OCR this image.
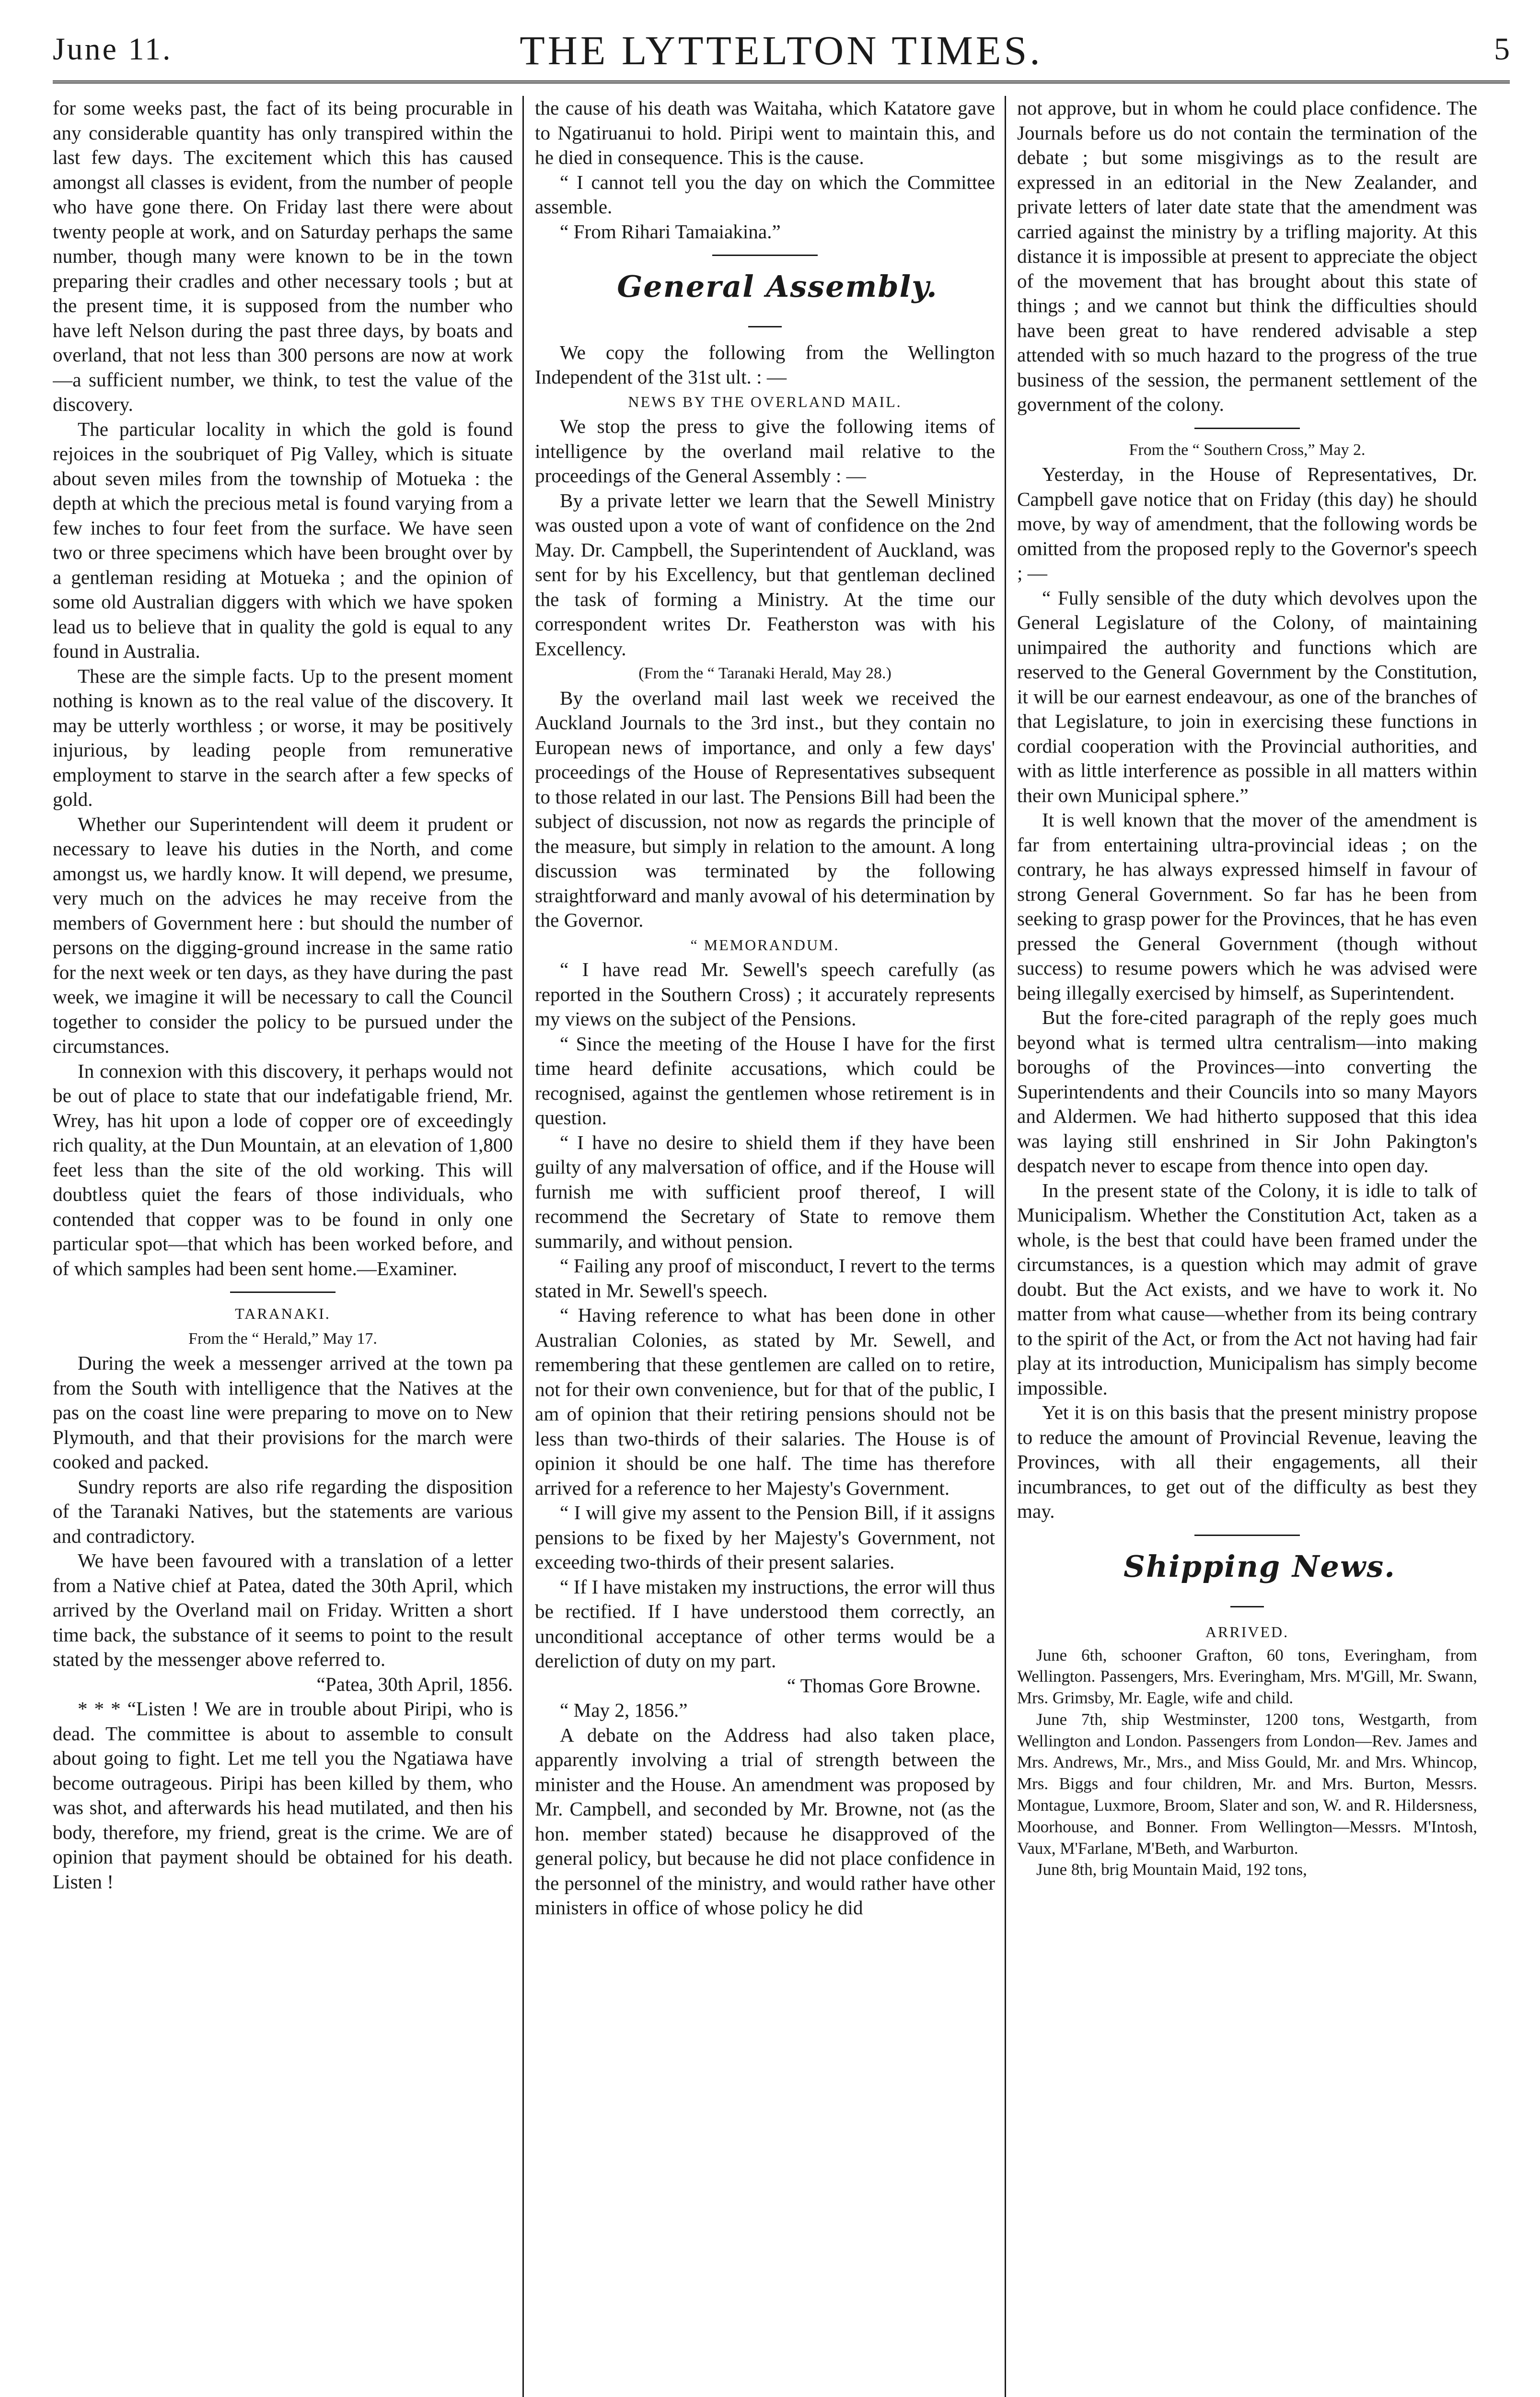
June 11.	THE LYTTELTON TIMES.	5

for some weeks past, the fact of its being procurable in any considerable quantity has only transpired within the last few days. The excitement which this has caused amongst all classes is evident, from the number of people who have gone there. On Friday last there were about twenty people at work, and on Saturday perhaps the same number, though many were known to be in the town preparing their cradles and other necessary tools ; but at the present time, it is supposed from the number who have left Nelson during the past three days, by boats and overland, that not less than 300 persons are now at work—a sufficient number, we think, to test the value of the discovery.

The particular locality in which the gold is found rejoices in the soubriquet of Pig Valley, which is situate about seven miles from the township of Motueka : the depth at which the precious metal is found varying from a few inches to four feet from the surface. We have seen two or three specimens which have been brought over by a gentleman residing at Motueka ; and the opinion of some old Australian diggers with which we have spoken lead us to believe that in quality the gold is equal to any found in Australia.

These are the simple facts. Up to the present moment nothing is known as to the real value of the discovery. It may be utterly worthless ; or worse, it may be positively injurious, by leading people from remunerative employment to starve in the search after a few specks of gold.

Whether our Superintendent will deem it prudent or necessary to leave his duties in the North, and come amongst us, we hardly know. It will depend, we presume, very much on the advices he may receive from the members of Government here : but should the number of persons on the digging-ground increase in the same ratio for the next week or ten days, as they have during the past week, we imagine it will be necessary to call the Council together to consider the policy to be pursued under the circumstances.

In connexion with this discovery, it perhaps would not be out of place to state that our indefatigable friend, Mr. Wrey, has hit upon a lode of copper ore of exceedingly rich quality, at the Dun Mountain, at an elevation of 1,800 feet less than the site of the old working. This will doubtless quiet the fears of those individuals, who contended that copper was to be found in only one particular spot—that which has been worked before, and of which samples had been sent home.—Examiner.

TARANAKI.

From the “ Herald,” May 17.

During the week a messenger arrived at the town pa from the South with intelligence that the Natives at the pas on the coast line were preparing to move on to New Plymouth, and that their provisions for the march were cooked and packed.

Sundry reports are also rife regarding the disposition of the Taranaki Natives, but the statements are various and contradictory.

We have been favoured with a translation of a letter from a Native chief at Patea, dated the 30th April, which arrived by the Overland mail on Friday. Written a short time back, the substance of it seems to point to the result stated by the messenger above referred to.

“Patea, 30th April, 1856.

* * * “Listen ! We are in trouble about Piripi, who is dead. The committee is about to assemble to consult about going to fight. Let me tell you the Ngatiawa have become outrageous. Piripi has been killed by them, who was shot, and afterwards his head mutilated, and then his body, therefore, my friend, great is the crime. We are of opinion that payment should be obtained for his death. Listen !

the cause of his death was Waitaha, which Katatore gave to Ngatiruanui to hold. Piripi went to maintain this, and he died in consequence. This is the cause.

“ I cannot tell you the day on which the Committee assemble.

“ From Rihari Tamaiakina.”

General Assembly.

We copy the following from the Wellington Independent of the 31st ult. : —

NEWS BY THE OVERLAND MAIL.

We stop the press to give the following items of intelligence by the overland mail relative to the proceedings of the General Assembly : —

By a private letter we learn that the Sewell Ministry was ousted upon a vote of want of confidence on the 2nd May. Dr. Campbell, the Superintendent of Auckland, was sent for by his Excellency, but that gentleman declined the task of forming a Ministry. At the time our correspondent writes Dr. Featherston was with his Excellency.

(From the “ Taranaki Herald, May 28.)

By the overland mail last week we received the Auckland Journals to the 3rd inst., but they contain no European news of importance, and only a few days' proceedings of the House of Representatives subsequent to those related in our last. The Pensions Bill had been the subject of discussion, not now as regards the principle of the measure, but simply in relation to the amount. A long discussion was terminated by the following straightforward and manly avowal of his determination by the Governor.

“ MEMORANDUM.

“ I have read Mr. Sewell's speech carefully (as reported in the Southern Cross) ; it accurately represents my views on the subject of the Pensions.

“ Since the meeting of the House I have for the first time heard definite accusations, which could be recognised, against the gentlemen whose retirement is in question.

“ I have no desire to shield them if they have been guilty of any malversation of office, and if the House will furnish me with sufficient proof thereof, I will recommend the Secretary of State to remove them summarily, and without pension.

“ Failing any proof of misconduct, I revert to the terms stated in Mr. Sewell's speech.

“ Having reference to what has been done in other Australian Colonies, as stated by Mr. Sewell, and remembering that these gentlemen are called on to retire, not for their own convenience, but for that of the public, I am of opinion that their retiring pensions should not be less than two-thirds of their salaries. The House is of opinion it should be one half. The time has therefore arrived for a reference to her Majesty's Government.

“ I will give my assent to the Pension Bill, if it assigns pensions to be fixed by her Majesty's Government, not exceeding two-thirds of their present salaries.

“ If I have mistaken my instructions, the error will thus be rectified. If I have understood them correctly, an unconditional acceptance of other terms would be a dereliction of duty on my part.

“ Thomas Gore Browne.

“ May 2, 1856.”

A debate on the Address had also taken place, apparently involving a trial of strength between the minister and the House. An amendment was proposed by Mr. Campbell, and seconded by Mr. Browne, not (as the hon. member stated) because he disapproved of the general policy, but because he did not place confidence in the personnel of the ministry, and would rather have other ministers in office of whose policy he did

not approve, but in whom he could place confidence. The Journals before us do not contain the termination of the debate ; but some misgivings as to the result are expressed in an editorial in the New Zealander, and private letters of later date state that the amendment was carried against the ministry by a trifling majority. At this distance it is impossible at present to appreciate the object of the movement that has brought about this state of things ; and we cannot but think the difficulties should have been great to have rendered advisable a step attended with so much hazard to the progress of the true business of the session, the permanent settlement of the government of the colony.

From the “ Southern Cross,” May 2.

Yesterday, in the House of Representatives, Dr. Campbell gave notice that on Friday (this day) he should move, by way of amendment, that the following words be omitted from the proposed reply to the Governor's speech ; —

“ Fully sensible of the duty which devolves upon the General Legislature of the Colony, of maintaining unimpaired the authority and functions which are reserved to the General Government by the Constitution, it will be our earnest endeavour, as one of the branches of that Legislature, to join in exercising these functions in cordial cooperation with the Provincial authorities, and with as little interference as possible in all matters within their own Municipal sphere.”

It is well known that the mover of the amendment is far from entertaining ultra-provincial ideas ; on the contrary, he has always expressed himself in favour of strong General Government. So far has he been from seeking to grasp power for the Provinces, that he has even pressed the General Government (though without success) to resume powers which he was advised were being illegally exercised by himself, as Superintendent.

But the fore-cited paragraph of the reply goes much beyond what is termed ultra centralism—into making boroughs of the Provinces—into converting the Superintendents and their Councils into so many Mayors and Aldermen. We had hitherto supposed that this idea was laying still enshrined in Sir John Pakington's despatch never to escape from thence into open day.

In the present state of the Colony, it is idle to talk of Municipalism. Whether the Constitution Act, taken as a whole, is the best that could have been framed under the circumstances, is a question which may admit of grave doubt. But the Act exists, and we have to work it. No matter from what cause—whether from its being contrary to the spirit of the Act, or from the Act not having had fair play at its introduction, Municipalism has simply become impossible.

Yet it is on this basis that the present ministry propose to reduce the amount of Provincial Revenue, leaving the Provinces, with all their engagements, all their incumbrances, to get out of the difficulty as best they may.

Shipping News.

ARRIVED.

June 6th, schooner Grafton, 60 tons, Everingham, from Wellington. Passengers, Mrs. Everingham, Mrs. M'Gill, Mr. Swann, Mrs. Grimsby, Mr. Eagle, wife and child.

June 7th, ship Westminster, 1200 tons, Westgarth, from Wellington and London. Passengers from London—Rev. James and Mrs. Andrews, Mr., Mrs., and Miss Gould, Mr. and Mrs. Whincop, Mrs. Biggs and four children, Mr. and Mrs. Burton, Messrs. Montague, Luxmore, Broom, Slater and son, W. and R. Hildersness, Moorhouse, and Bonner. From Wellington—Messrs. M'Intosh, Vaux, M'Farlane, M'Beth, and Warburton.

June 8th, brig Mountain Maid, 192 tons,
